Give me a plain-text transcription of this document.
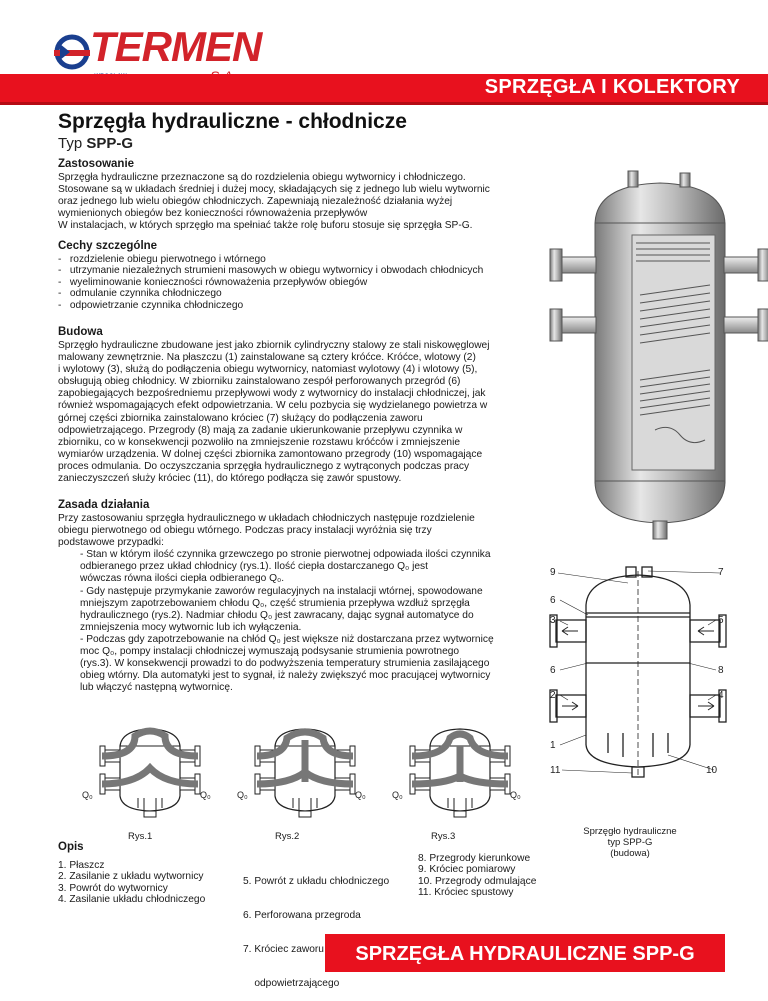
TERMEN
SPRZĘGŁA I KOLEKTORY
Sprzęgła hydrauliczne - chłodnicze
Typ SPP-G
Zastosowanie
Sprzęgła hydrauliczne przeznaczone są do rozdzielenia obiegu wytwornicy i chłodniczego.
Stosowane są w układach średniej i dużej mocy, składających się z jednego lub wielu wytwornic
oraz jednego lub wielu obiegów chłodniczych. Zapewniają niezależność działania wyżej
wymienionych obiegów bez konieczności równoważenia przepływów
W instalacjach, w których sprzęgło ma spełniać także rolę buforu stosuje się sprzęgła SP-G.
Cechy szczególne
-   rozdzielenie obiegu pierwotnego i wtórnego
-   utrzymanie niezależnych strumieni masowych w obiegu wytwornicy i obwodach chłodnicych
-   wyeliminowanie konieczności równoważenia przepływów obiegów
-   odmulanie czynnika chłodniczego
-   odpowietrzanie czynnika chłodniczego
Budowa
Sprzęgło hydrauliczne zbudowane jest jako zbiornik cylindryczny stalowy ze stali niskowęglowej
malowany zewnętrznie. Na płaszczu (1) zainstalowane są cztery króćce. Króćce, wlotowy (2)
i wylotowy (3), służą do podłączenia obiegu wytwornicy, natomiast wylotowy (4) i wlotowy (5),
obsługują obieg chłodnicy. W zbiorniku zainstalowano zespół perforowanych przegród (6)
zapobiegających bezpośredniemu przepływowi wody z wytwornicy do instalacji chłodniczej, jak
również wspomagających efekt odpowietrzania. W celu pozbycia się wydzielanego powietrza w
górnej części zbiornika zainstalowano króciec (7) służący do podłączenia zaworu
odpowietrzającego. Przegrody (8) mają za zadanie ukierunkowanie przepływu czynnika w
zbiorniku, co w konsekwencji pozwoliło na zmniejszenie rozstawu króćców i zmniejszenie
wymiarów urządzenia. W dolnej części zbiornika zamontowano przegrody (10) wspomagające
proces odmulania. Do oczyszczania sprzęgła hydraulicznego z wytrąconych podczas pracy
zanieczyszczeń służy króciec (11), do którego podłącza się zawór spustowy.
Zasada działania
Przy zastosowaniu sprzęgła hydraulicznego w układach chłodniczych następuje rozdzielenie
obiegu pierwotnego od obiegu wtórnego. Podczas pracy instalacji wyróżnia się trzy
podstawowe przypadki:
- Stan w którym ilość czynnika grzewczego po stronie pierwotnej odpowiada ilości czynnika
odbieranego przez układ chłodnicy (rys.1). Ilość ciepła dostarczanego Q₀ jest
wówczas równa ilości ciepła odbieranego Q₀.
- Gdy następuje przymykanie zaworów regulacyjnych na instalacji wtórnej, spowodowane
mniejszym zapotrzebowaniem chłodu Q₀, część strumienia przepływa wzdłuż sprzęgła
hydraulicznego (rys.2). Nadmiar chłodu Q₀ jest zawracany, dając sygnał automatyce do
zmniejszenia mocy wytwornic lub ich wyłączenia.
- Podczas gdy zapotrzebowanie na chłód Q₀ jest większe niż dostarczana przez wytwornicę
moc Q₀, pompy instalacji chłodniczej wymuszają podsysanie strumienia powrotnego
(rys.3). W konsekwencji prowadzi to do podwyższenia temperatury strumienia zasilającego
obieg wtórny. Dla automatyki jest to sygnał, iż należy zwiększyć moc pracującej wytwornicy
lub włączyć następną wytwornicę.
9	7
6
3	5
6	8
2	4
1
11	10
Sprzęgło hydrauliczne
typ SPP-G
(budowa)
Q₀	Q₀	Q₀	Q₀	Q₀	Q₀
Rys.1	Rys.2	Rys.3
Opis
1. Płaszcz
2. Zasilanie z układu wytwornicy
3. Powrót do wytwornicy
4. Zasilanie układu chłodniczego

5. Powrót z układu chłodniczego

6. Perforowana przegroda

7. Króciec zaworu

odpowietrzającego

8. Przegrody kierunkowe
9. Króciec pomiarowy
10. Przegrody odmulające
11. Króciec spustowy
SPRZĘGŁA HYDRAULICZNE SPP-G
